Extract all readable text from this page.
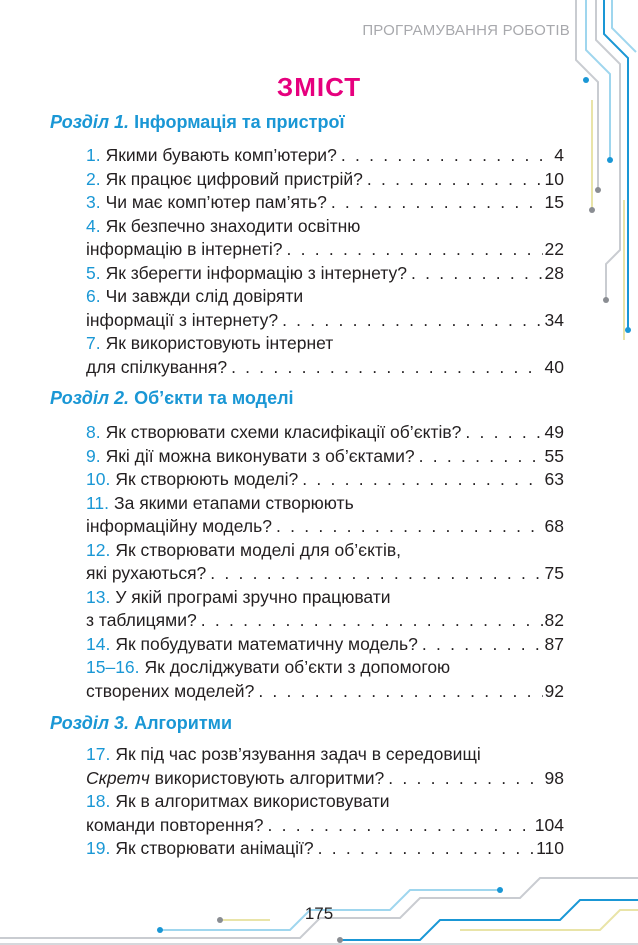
ПРОГРАМУВАННЯ РОБОТІВ
ЗМІСТ
Розділ 1. Інформація та пристрої
1. Якими бувають комп’ютери? . . .	4
2. Як працює цифровий пристрій? . . .	10
3. Чи має комп’ютер пам’ять? . . .	15
4. Як безпечно знаходити освітню
інформацію в інтернеті? . . .	22
5. Як зберегти інформацію з інтернету? . . .	28
6. Чи завжди слід довіряти
інформації з інтернету? . . .	34
7. Як використовують інтернет
для спілкування? . . .	40
Розділ 2. Об’єкти та моделі
8. Як створювати схеми класифікації об’єктів? . . .	49
9. Які дії можна виконувати з об’єктами? . . .	55
10. Як створюють моделі? . . .	63
11. За якими етапами створюють
інформаційну модель? . . .	68
12. Як створювати моделі для об’єктів,
які рухаються? . . .	75
13. У якій програмі зручно працювати
з таблицями? . . .	82
14. Як побудувати математичну модель? . . .	87
15–16. Як досліджувати об’єкти з допомогою
створених моделей? . . .	92
Розділ 3. Алгоритми
17. Як під час розв’язування задач в середовищі
Скретч використовують алгоритми? . . .	98
18. Як в алгоритмах використовувати
команди повторення? . . .	104
19. Як створювати анімації? . . .	110
175
